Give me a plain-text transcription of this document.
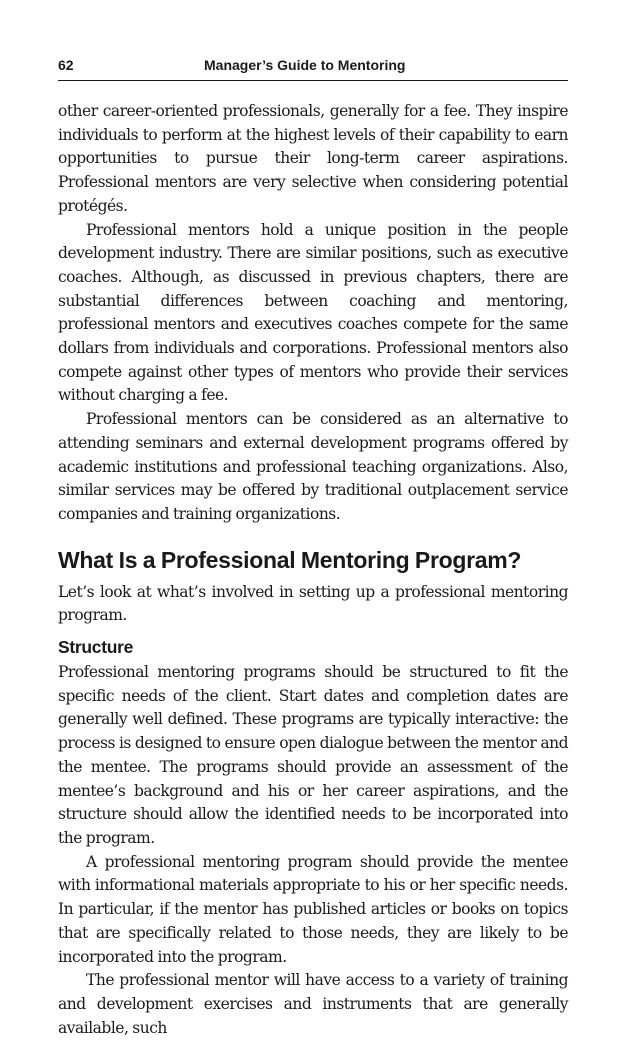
62	Manager’s Guide to Mentoring

other career-oriented professionals, generally for a fee. They inspire individuals to perform at the highest levels of their capability to earn opportunities to pursue their long-term career aspirations. Professional mentors are very selective when considering potential protégés.

Professional mentors hold a unique position in the people development industry. There are similar positions, such as executive coaches. Although, as discussed in previous chapters, there are substantial differences between coaching and mentoring, professional mentors and executives coaches compete for the same dollars from individuals and corporations. Professional mentors also compete against other types of mentors who provide their services without charging a fee.

Professional mentors can be considered as an alternative to attending seminars and external development programs offered by academic institutions and professional teaching organizations. Also, similar services may be offered by traditional outplacement service companies and training organizations.

What Is a Professional Mentoring Program?

Let’s look at what’s involved in setting up a professional mentoring program.

Structure

Professional mentoring programs should be structured to fit the specific needs of the client. Start dates and completion dates are generally well defined. These programs are typically interactive: the process is designed to ensure open dialogue between the mentor and the mentee. The programs should provide an assessment of the mentee’s background and his or her career aspirations, and the structure should allow the identified needs to be incorporated into the program.

A professional mentoring program should provide the mentee with informational materials appropriate to his or her specific needs. In particular, if the mentor has published articles or books on topics that are specifically related to those needs, they are likely to be incorporated into the program.

The professional mentor will have access to a variety of training and development exercises and instruments that are generally available, such
